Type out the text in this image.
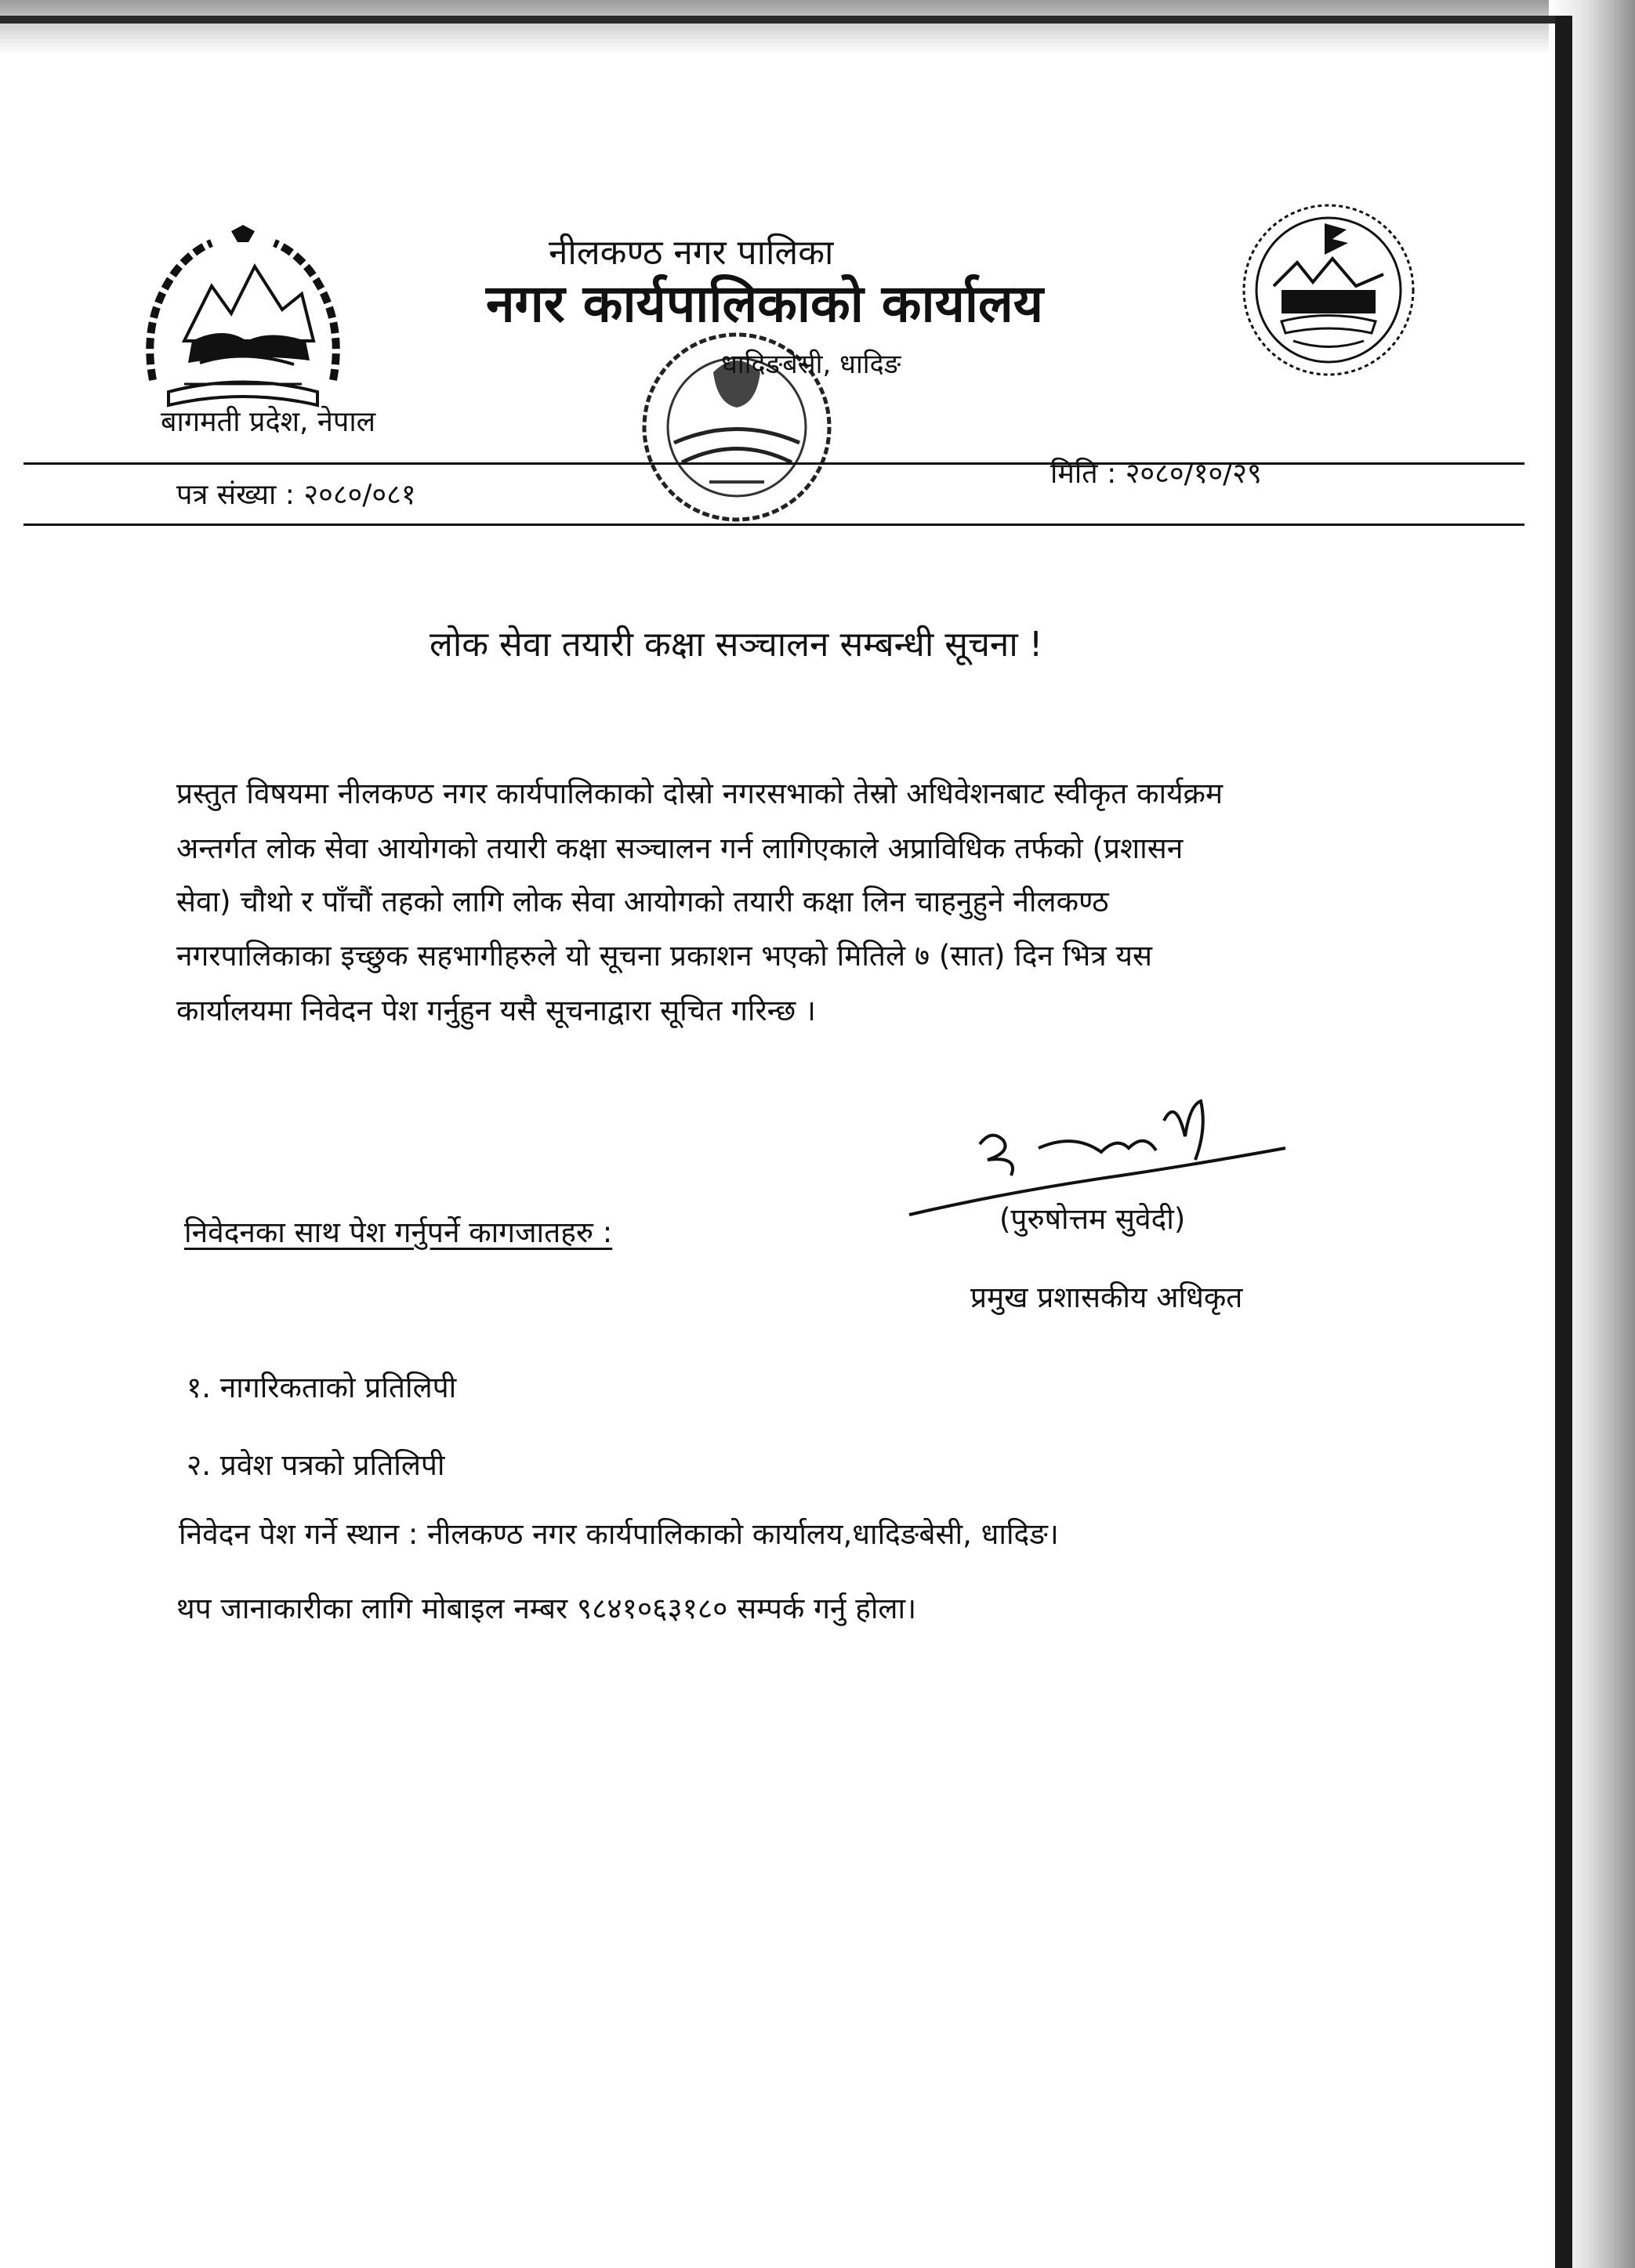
नीलकण्ठ नगर पालिका
नगर कार्यपालिकाको कार्यालय
धादिङबेसी, धादिङ
बागमती प्रदेश, नेपाल
पत्र संख्या : २०८०/०८१
मिति : २०८०/१०/२९
लोक सेवा तयारी कक्षा सञ्चालन सम्बन्धी सूचना !
प्रस्तुत विषयमा नीलकण्ठ नगर कार्यपालिकाको दोस्रो नगरसभाको तेस्रो अधिवेशनबाट स्वीकृत कार्यक्रम
अन्तर्गत लोक सेवा आयोगको तयारी कक्षा सञ्चालन गर्न लागिएकाले अप्राविधिक तर्फको (प्रशासन
सेवा) चौथो र पाँचौं तहको लागि लोक सेवा आयोगको तयारी कक्षा लिन चाहनुहुने नीलकण्ठ
नगरपालिकाका इच्छुक सहभागीहरुले यो सूचना प्रकाशन भएको मितिले ७ (सात) दिन भित्र यस
कार्यालयमा निवेदन पेश गर्नुहुन यसै सूचनाद्वारा सूचित गरिन्छ ।
(पुरुषोत्तम सुवेदी)
प्रमुख प्रशासकीय अधिकृत
निवेदनका साथ पेश गर्नुपर्ने कागजातहरु :
१. नागरिकताको प्रतिलिपी
२. प्रवेश पत्रको प्रतिलिपी
निवेदन पेश गर्ने स्थान : नीलकण्ठ नगर कार्यपालिकाको कार्यालय,धादिङबेसी, धादिङ।
थप जानाकारीका लागि मोबाइल नम्बर ९८४१०६३१८० सम्पर्क गर्नु होला।
